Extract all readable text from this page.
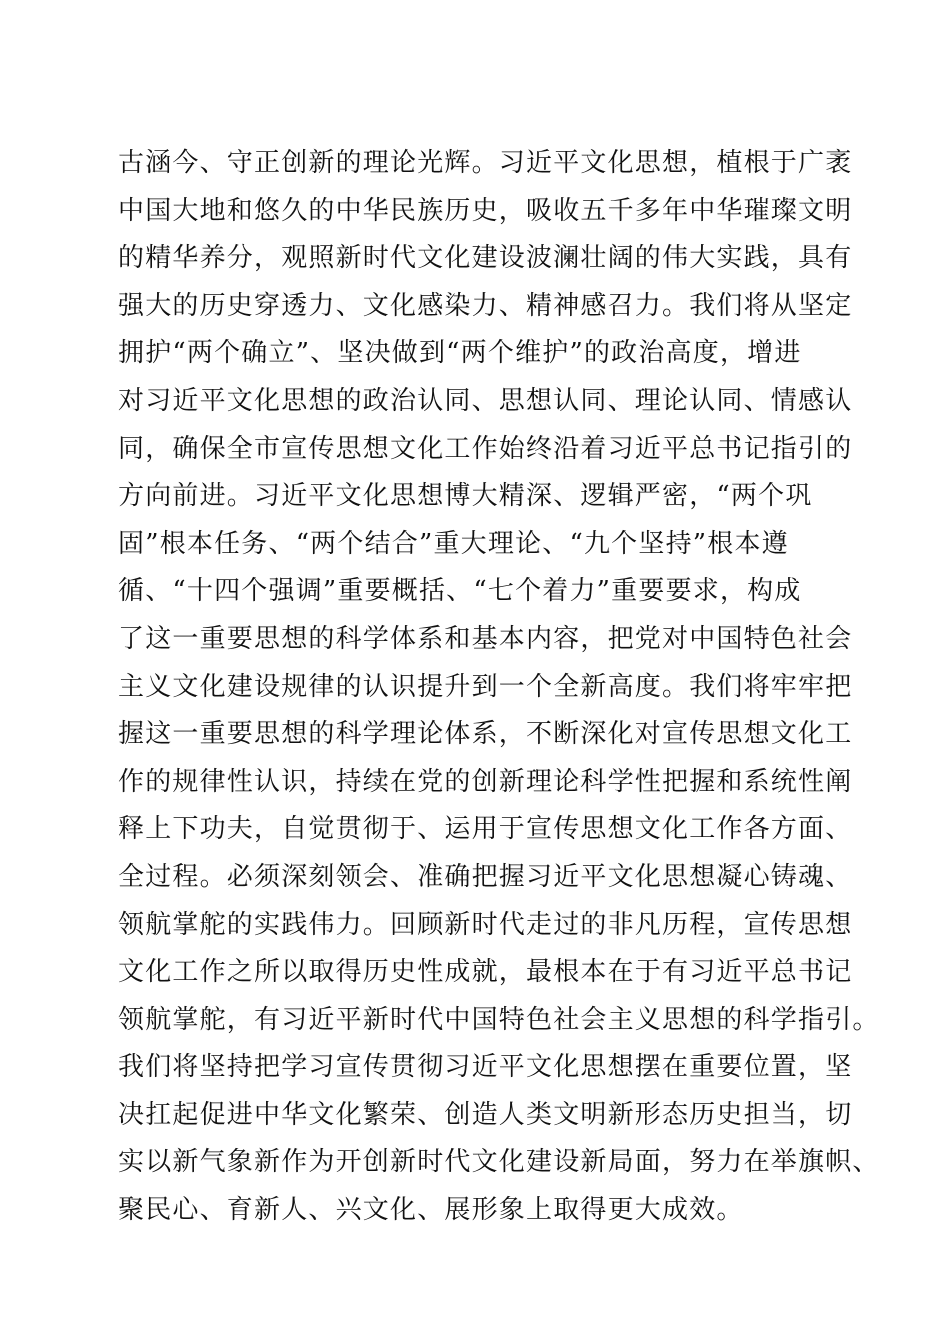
古涵今、守正创新的理论光辉。习近平文化思想，植根于广袤
中国大地和悠久的中华民族历史，吸收五千多年中华璀璨文明
的精华养分，观照新时代文化建设波澜壮阔的伟大实践，具有
强大的历史穿透力、文化感染力、精神感召力。我们将从坚定
拥护“两个确立”、坚决做到“两个维护”的政治高度，增进
对习近平文化思想的政治认同、思想认同、理论认同、情感认
同，确保全市宣传思想文化工作始终沿着习近平总书记指引的
方向前进。习近平文化思想博大精深、逻辑严密，“两个巩
固”根本任务、“两个结合”重大理论、“九个坚持”根本遵
循、“十四个强调”重要概括、“七个着力”重要要求，构成
了这一重要思想的科学体系和基本内容，把党对中国特色社会
主义文化建设规律的认识提升到一个全新高度。我们将牢牢把
握这一重要思想的科学理论体系，不断深化对宣传思想文化工
作的规律性认识，持续在党的创新理论科学性把握和系统性阐
释上下功夫，自觉贯彻于、运用于宣传思想文化工作各方面、
全过程。必须深刻领会、准确把握习近平文化思想凝心铸魂、
领航掌舵的实践伟力。回顾新时代走过的非凡历程，宣传思想
文化工作之所以取得历史性成就，最根本在于有习近平总书记
领航掌舵，有习近平新时代中国特色社会主义思想的科学指引。
我们将坚持把学习宣传贯彻习近平文化思想摆在重要位置，坚
决扛起促进中华文化繁荣、创造人类文明新形态历史担当，切
实以新气象新作为开创新时代文化建设新局面，努力在举旗帜、
聚民心、育新人、兴文化、展形象上取得更大成效。
